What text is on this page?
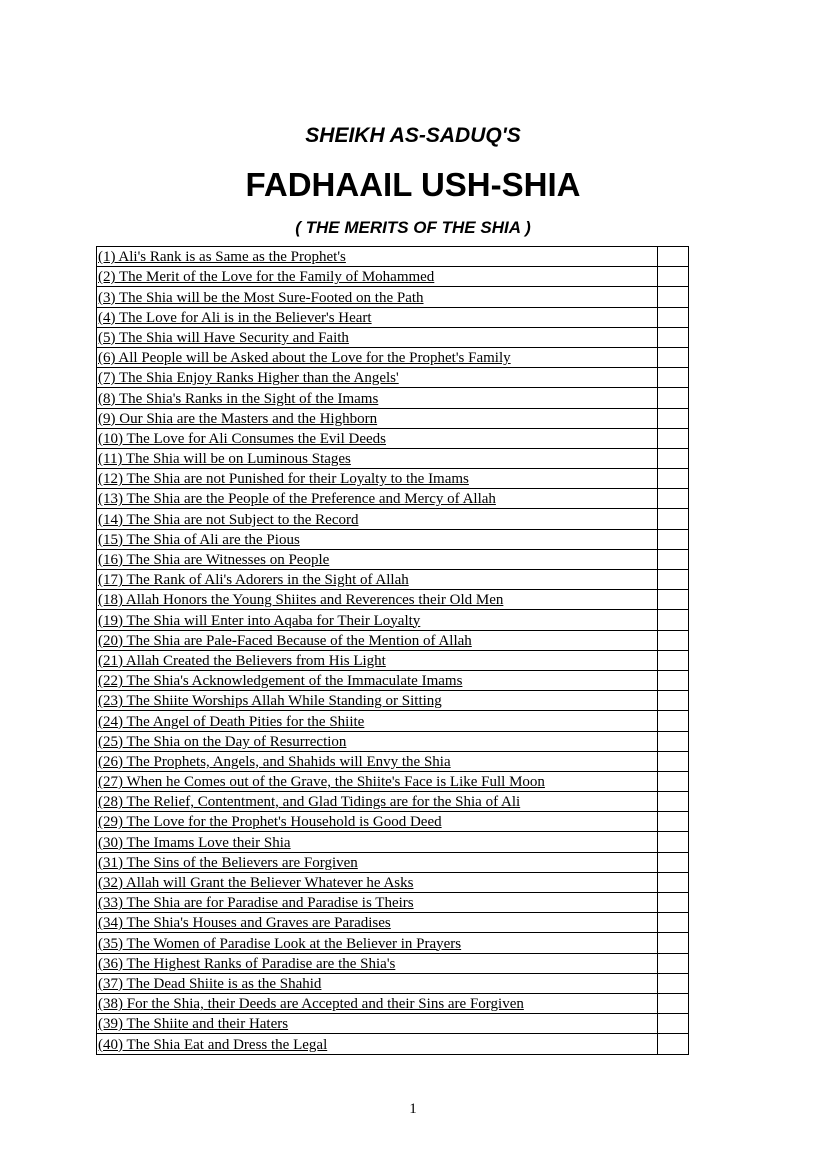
SHEIKH AS-SADUQ'S
FADHAAIL USH-SHIA
( THE MERITS OF THE SHIA )
(1) Ali's Rank is as Same as the Prophet's	
(2) The Merit of the Love for the Family of Mohammed	
(3) The Shia will be the Most Sure-Footed on the Path	
(4) The Love for Ali is in the Believer's Heart	
(5) The Shia will Have Security and Faith	
(6) All People will be Asked about the Love for the Prophet's Family	
(7) The Shia Enjoy Ranks Higher than the Angels'	
(8) The Shia's Ranks in the Sight of the Imams	
(9) Our Shia are the Masters and the Highborn	
(10) The Love for Ali Consumes the Evil Deeds	
(11) The Shia will be on Luminous Stages	
(12) The Shia are not Punished for their Loyalty to the Imams	
(13) The Shia are the People of the Preference and Mercy of Allah	
(14) The Shia are not Subject to the Record	
(15) The Shia of Ali are the Pious	
(16) The Shia are Witnesses on People	
(17) The Rank of Ali's Adorers in the Sight of Allah	
(18) Allah Honors the Young Shiites and Reverences their Old Men	
(19) The Shia will Enter into Aqaba for Their Loyalty	
(20) The Shia are Pale-Faced Because of the Mention of Allah	
(21) Allah Created the Believers from His Light	
(22) The Shia's Acknowledgement of the Immaculate Imams	
(23) The Shiite Worships Allah While Standing or Sitting	
(24) The Angel of Death Pities for the Shiite	
(25) The Shia on the Day of Resurrection	
(26) The Prophets, Angels, and Shahids will Envy the Shia	
(27) When he Comes out of the Grave, the Shiite's Face is Like Full Moon	
(28) The Relief, Contentment, and Glad Tidings are for the Shia of Ali	
(29) The Love for the Prophet's Household is Good Deed	
(30) The Imams Love their Shia	
(31) The Sins of the Believers are Forgiven	
(32) Allah will Grant the Believer Whatever he Asks	
(33) The Shia are for Paradise and Paradise is Theirs	
(34) The Shia's Houses and Graves are Paradises	
(35) The Women of Paradise Look at the Believer in Prayers	
(36) The Highest Ranks of Paradise are the Shia's	
(37) The Dead Shiite is as the Shahid	
(38) For the Shia, their Deeds are Accepted and their Sins are Forgiven	
(39) The Shiite and their Haters	
(40) The Shia Eat and Dress the Legal	
1
